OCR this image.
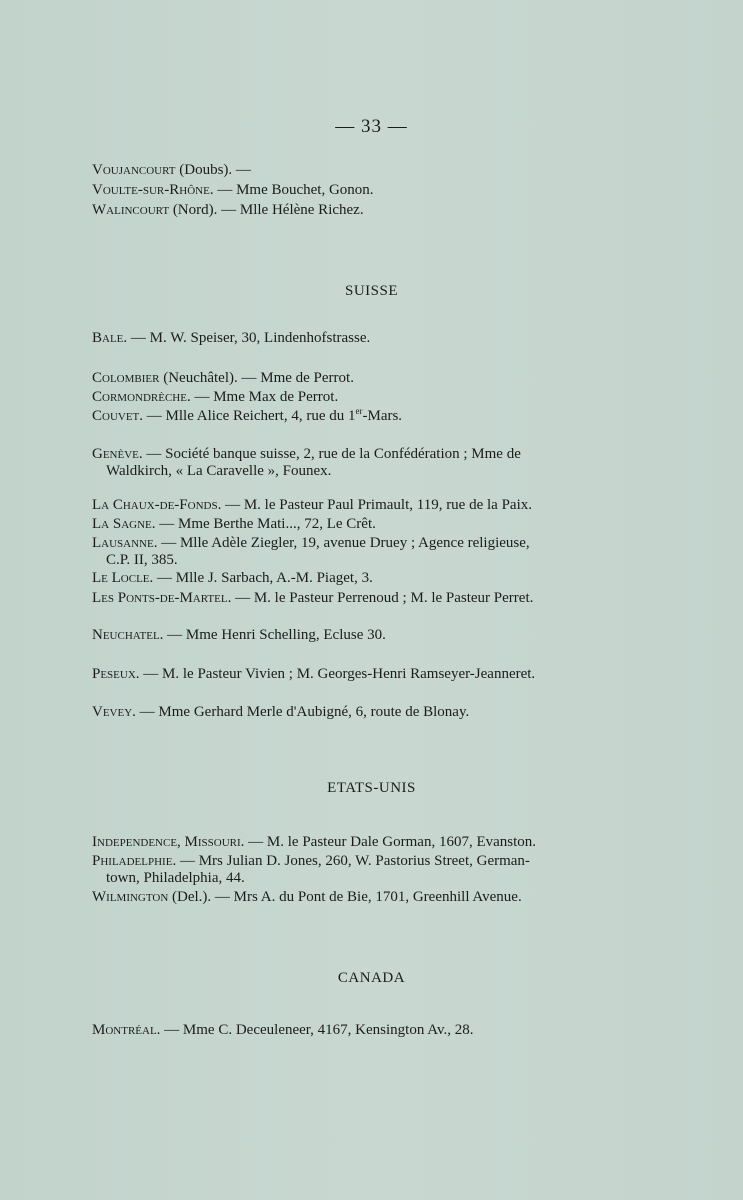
— 33 —
Voujancourt (Doubs). —
Voulte-sur-Rhône. — Mme Bouchet, Gonon.
Walincourt (Nord). — Mlle Hélène Richez.
SUISSE
Bale. — M. W. Speiser, 30, Lindenhofstrasse.
Colombier (Neuchâtel). — Mme de Perrot.
Cormondrèche. — Mme Max de Perrot.
Couvet. — Mlle Alice Reichert, 4, rue du 1er-Mars.
Genève. — Société banque suisse, 2, rue de la Confédération ; Mme de
Waldkirch, « La Caravelle », Founex.
La Chaux-de-Fonds. — M. le Pasteur Paul Primault, 119, rue de la Paix.
La Sagne. — Mme Berthe Mati..., 72, Le Crêt.
Lausanne. — Mlle Adèle Ziegler, 19, avenue Druey ; Agence religieuse,
C.P. II, 385.
Le Locle. — Mlle J. Sarbach, A.-M. Piaget, 3.
Les Ponts-de-Martel. — M. le Pasteur Perrenoud ; M. le Pasteur Perret.
Neuchatel. — Mme Henri Schelling, Ecluse 30.
Peseux. — M. le Pasteur Vivien ; M. Georges-Henri Ramseyer-Jeanneret.
Vevey. — Mme Gerhard Merle d'Aubigné, 6, route de Blonay.
ETATS-UNIS
Independence, Missouri. — M. le Pasteur Dale Gorman, 1607, Evanston.
Philadelphie. — Mrs Julian D. Jones, 260, W. Pastorius Street, German-
town, Philadelphia, 44.
Wilmington (Del.). — Mrs A. du Pont de Bie, 1701, Greenhill Avenue.
CANADA
Montréal. — Mme C. Deceuleneer, 4167, Kensington Av., 28.
